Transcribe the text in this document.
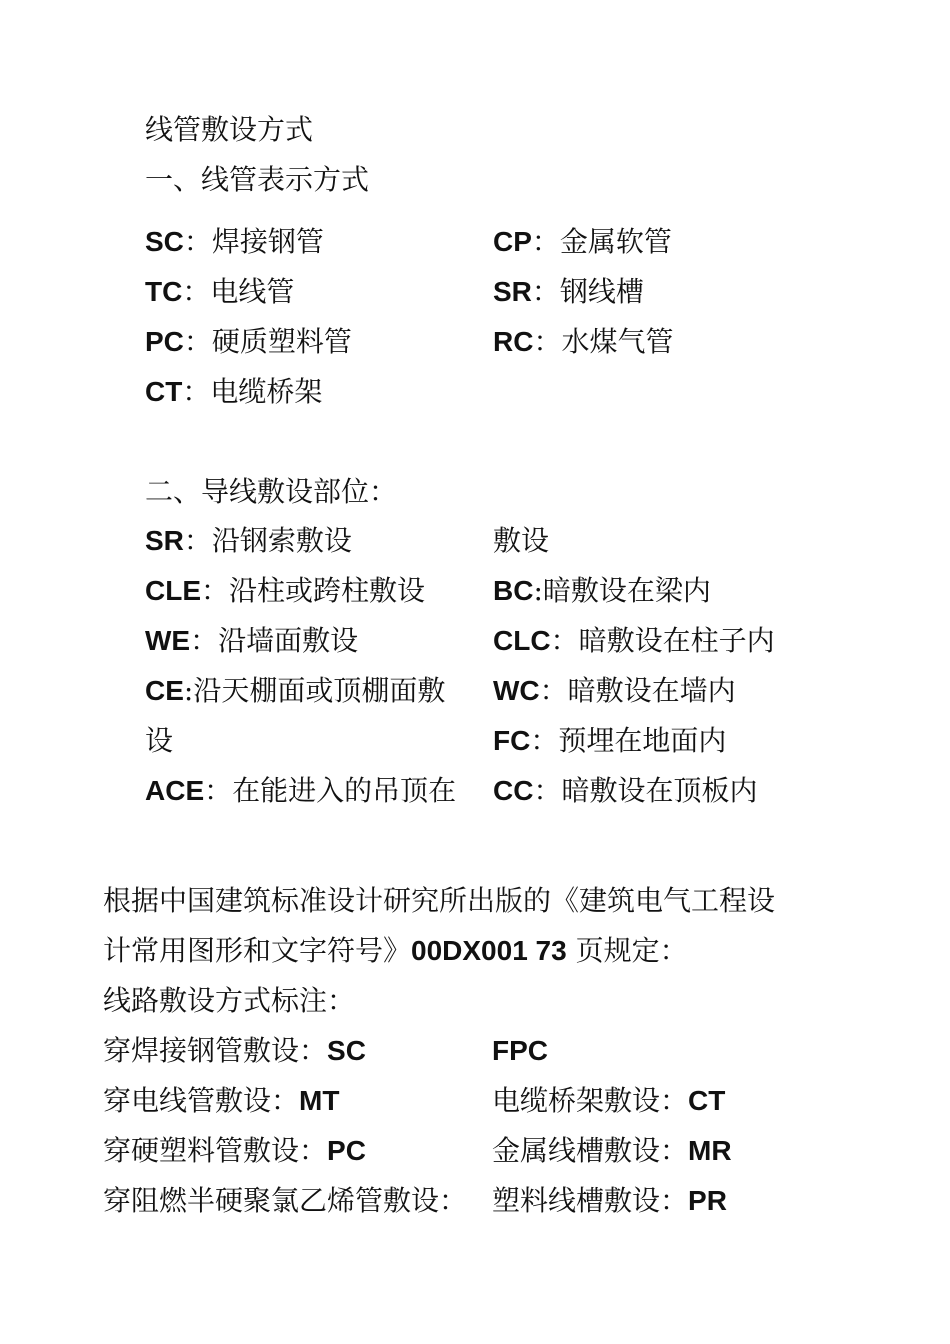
线管敷设方式
一、线管表示方式
SC：焊接钢管
TC：电线管
PC：硬质塑料管
CT：电缆桥架
CP：金属软管
SR：钢线槽
RC：水煤气管
二、导线敷设部位：
SR：沿钢索敷设
CLE：沿柱或跨柱敷设
WE：沿墙面敷设
CE:沿天棚面或顶棚面敷
设
ACE：在能进入的吊顶在
敷设
BC:暗敷设在梁内
CLC：暗敷设在柱子内
WC：暗敷设在墙内
FC：预埋在地面内
CC：暗敷设在顶板内
根据中国建筑标准设计研究所出版的《建筑电气工程设
计常用图形和文字符号》00DX001 73 页规定：
线路敷设方式标注：
穿焊接钢管敷设：SC
穿电线管敷设：MT
穿硬塑料管敷设：PC
穿阻燃半硬聚氯乙烯管敷设：
FPC
电缆桥架敷设：CT
金属线槽敷设：MR
塑料线槽敷设：PR
